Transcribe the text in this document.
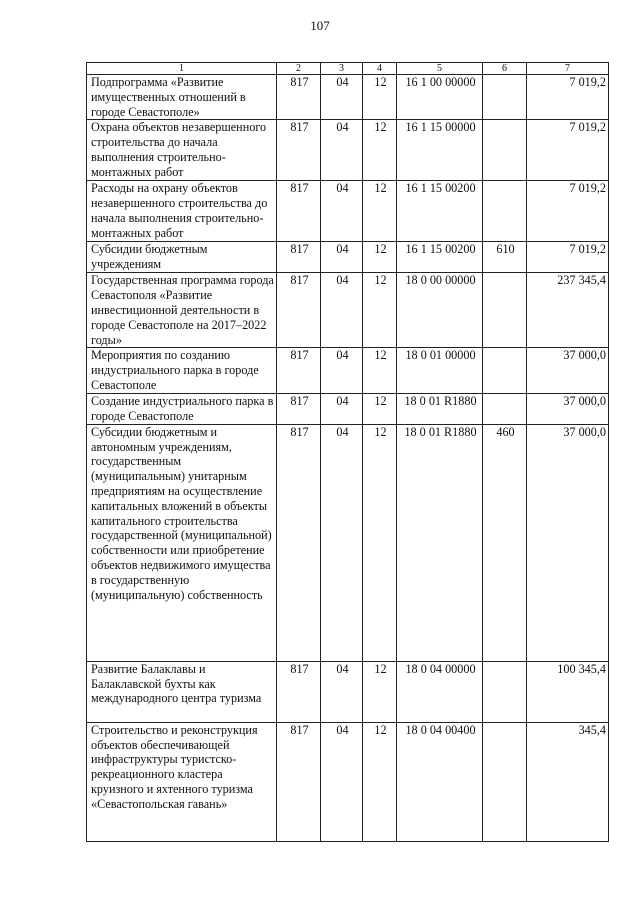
107
1	2	3	4	5	6	7
Подпрограмма «Развитие имущественных отношений в городе Севастополе»	817	04	12	16 1 00 00000		7 019,2
Охрана объектов незавершенного строительства до начала выполнения строительно-монтажных работ	817	04	12	16 1 15 00000		7 019,2
Расходы на охрану объектов незавершенного строительства до начала выполнения строительно-монтажных работ	817	04	12	16 1 15 00200		7 019,2
Субсидии бюджетным учреждениям	817	04	12	16 1 15 00200	610	7 019,2
Государственная программа города Севастополя «Развитие инвестиционной деятельности в городе Севастополе на 2017–2022 годы»	817	04	12	18 0 00 00000		237 345,4
Мероприятия по созданию индустриального парка в городе Севастополе	817	04	12	18 0 01 00000		37 000,0
Создание индустриального парка в городе Севастополе	817	04	12	18 0 01 R1880		37 000,0
Субсидии бюджетным и автономным учреждениям, государственным (муниципальным) унитарным предприятиям на осуществление капитальных вложений в объекты капитального строительства государственной (муниципальной) собственности или приобретение объектов недвижимого имущества в государственную (муниципальную) собственность	817	04	12	18 0 01 R1880	460	37 000,0
Развитие Балаклавы и Балаклавской бухты как международного центра туризма	817	04	12	18 0 04 00000		100 345,4
Строительство и реконструкция объектов обеспечивающей инфраструктуры туристско-рекреационного кластера круизного и яхтенного туризма «Севастопольская гавань»	817	04	12	18 0 04 00400		345,4
